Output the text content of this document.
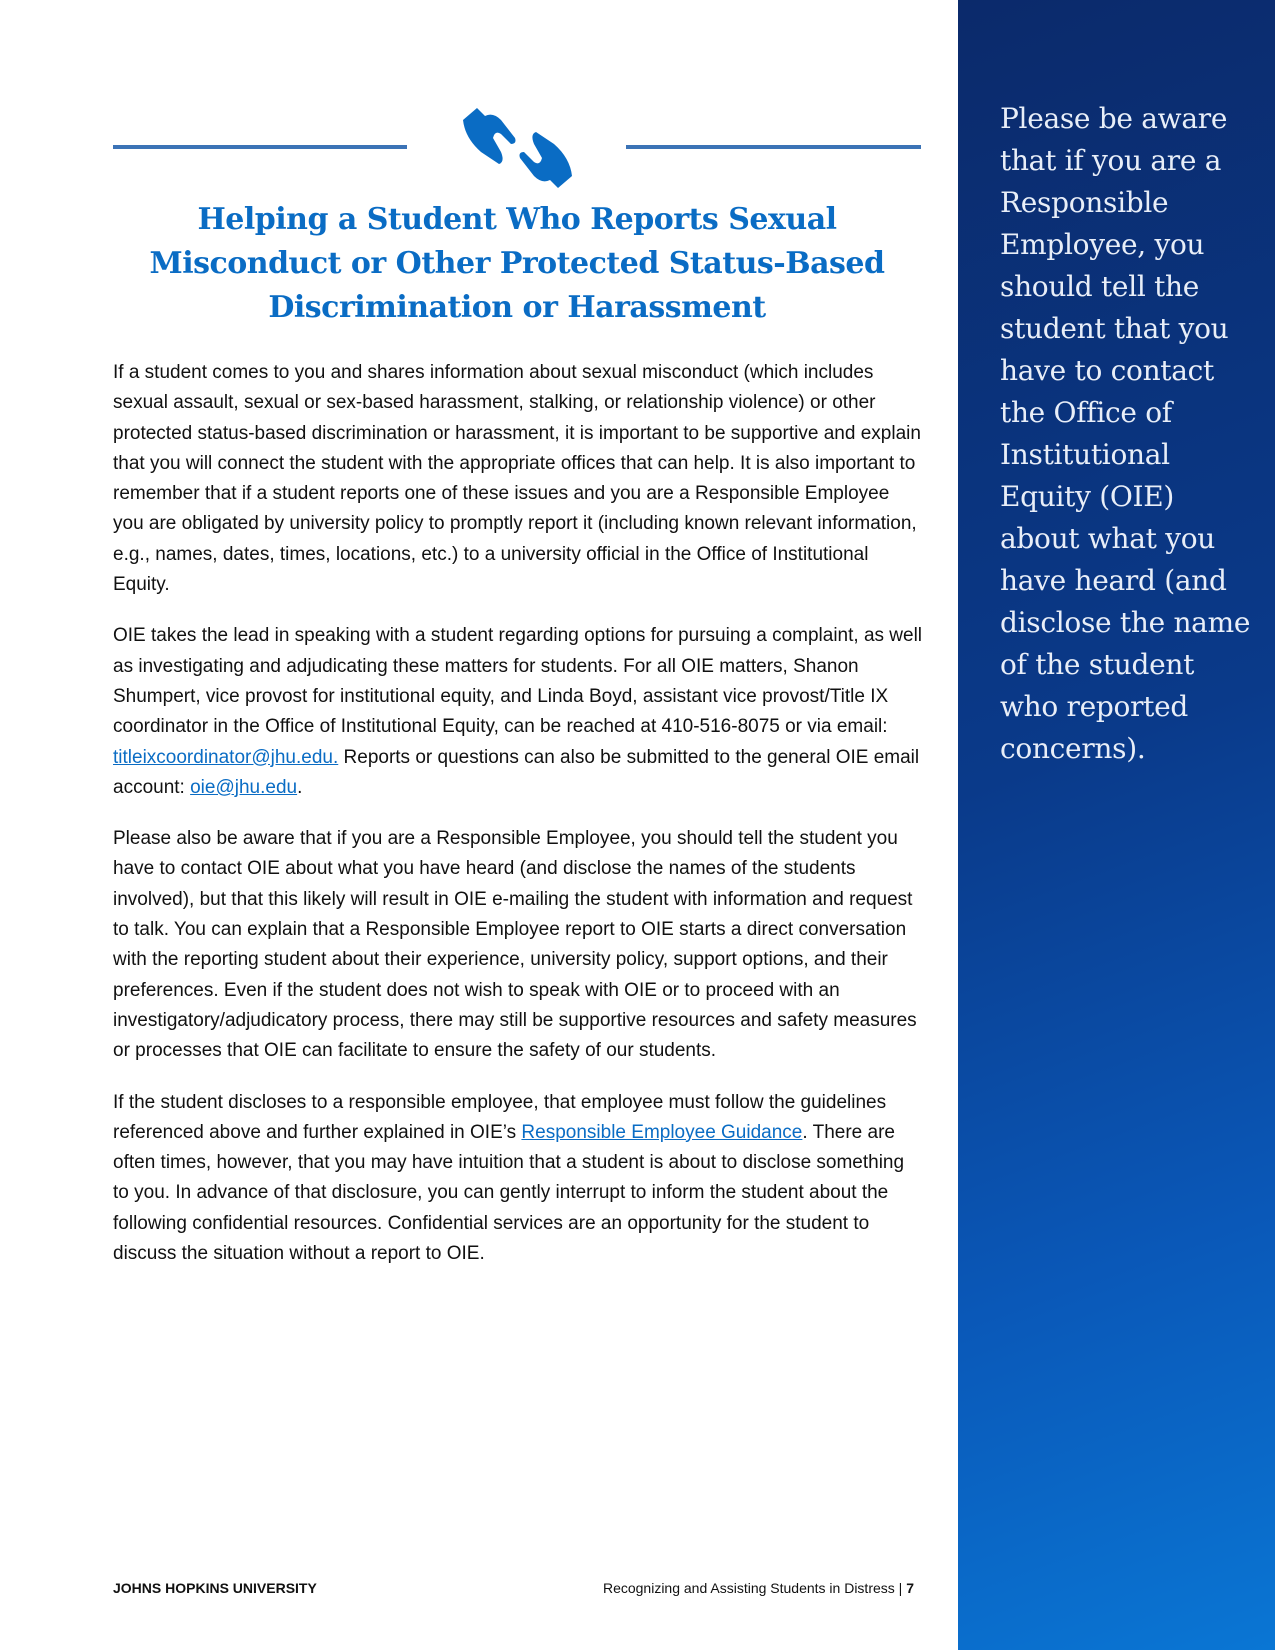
Helping a Student Who Reports Sexual Misconduct or Other Protected Status-Based Discrimination or Harassment

If a student comes to you and shares information about sexual misconduct (which includes sexual assault, sexual or sex-based harassment, stalking, or relationship violence) or other protected status-based discrimination or harassment, it is important to be supportive and explain that you will connect the student with the appropriate offices that can help. It is also important to remember that if a student reports one of these issues and you are a Responsible Employee you are obligated by university policy to promptly report it (including known relevant information, e.g., names, dates, times, locations, etc.) to a university official in the Office of Institutional Equity.

OIE takes the lead in speaking with a student regarding options for pursuing a complaint, as well as investigating and adjudicating these matters for students. For all OIE matters, Shanon Shumpert, vice provost for institutional equity, and Linda Boyd, assistant vice provost/Title IX coordinator in the Office of Institutional Equity, can be reached at 410-516-8075 or via email: titleixcoordinator@jhu.edu. Reports or questions can also be submitted to the general OIE email account: oie@jhu.edu.

Please also be aware that if you are a Responsible Employee, you should tell the student you have to contact OIE about what you have heard (and disclose the names of the students involved), but that this likely will result in OIE e-mailing the student with information and request to talk. You can explain that a Responsible Employee report to OIE starts a direct conversation with the reporting student about their experience, university policy, support options, and their preferences. Even if the student does not wish to speak with OIE or to proceed with an investigatory/adjudicatory process, there may still be supportive resources and safety measures or processes that OIE can facilitate to ensure the safety of our students.

If the student discloses to a responsible employee, that employee must follow the guidelines referenced above and further explained in OIE’s Responsible Employee Guidance. There are often times, however, that you may have intuition that a student is about to disclose something to you. In advance of that disclosure, you can gently interrupt to inform the student about the following confidential resources. Confidential services are an opportunity for the student to discuss the situation without a report to OIE.

JOHNS HOPKINS UNIVERSITY	Recognizing and Assisting Students in Distress | 7

Please be aware that if you are a Responsible Employee, you should tell the student that you have to contact the Office of Institutional Equity (OIE) about what you have heard (and disclose the name of the student who reported concerns).
